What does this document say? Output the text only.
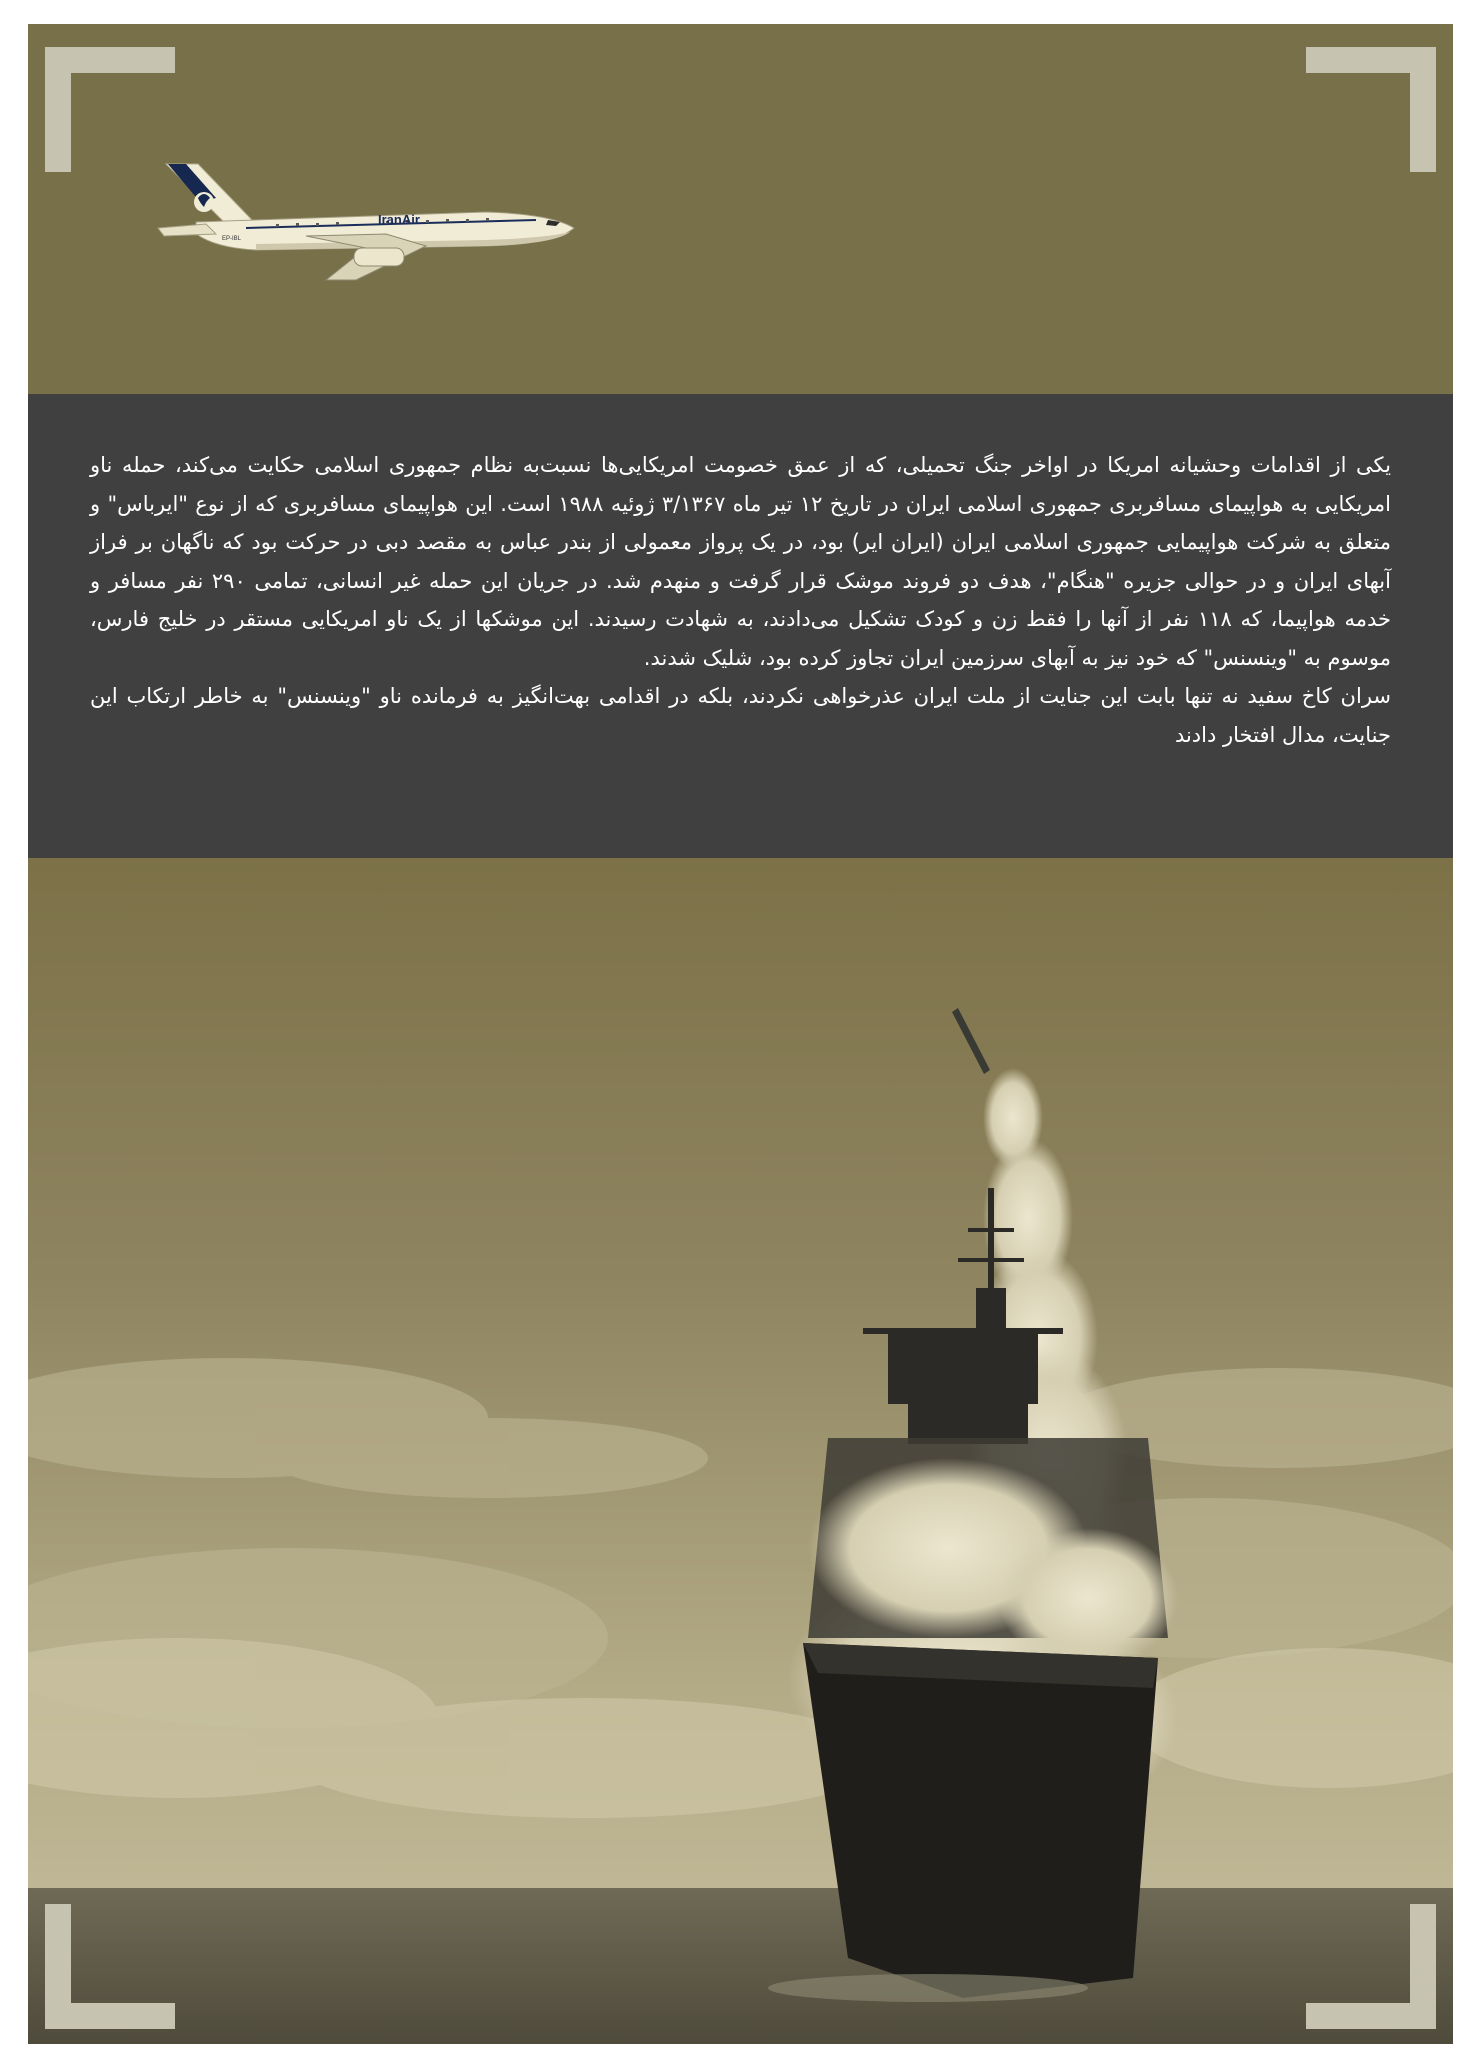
IranAir
EP-IBL
یکی از اقدامات وحشیانه امریکا در اواخر جنگ تحمیلی، که از عمق خصومت امریکایی‌ها نسبت‌به نظام جمهوری اسلامی حکایت می‌کند، حمله ناو امریکایی به هواپیمای مسافربری جمهوری اسلامی ایران در تاریخ ۱۲ تیر ماه ۳/۱۳۶۷ ژوئیه ۱۹۸۸ است. این هواپیمای مسافربری که از نوع "ایرباس" و متعلق به شرکت هواپیمایی جمهوری اسلامی ایران (ایران ایر) بود، در یک پرواز معمولی از بندر عباس به مقصد دبی در حرکت بود که ناگهان بر فراز آبهای ایران و در حوالی جزیره "هنگام"، هدف دو فروند موشک قرار گرفت و منهدم شد. در جریان این حمله غیر انسانی، تمامی ۲۹۰ نفر مسافر و خدمه هواپیما، که ۱۱۸ نفر از آنها را فقط زن و کودک تشکیل می‌دادند، به شهادت رسیدند. این موشکها از یک ناو امریکایی مستقر در خلیج فارس، موسوم به "وینسنس" که خود نیز به آبهای سرزمین ایران تجاوز کرده بود، شلیک شدند.
سران کاخ سفید نه تنها بابت این جنایت از ملت ایران عذرخواهی نکردند، بلکه در اقدامی بهت‌انگیز به فرمانده ناو "وینسنس" به خاطر ارتکاب این جنایت، مدال افتخار دادند
